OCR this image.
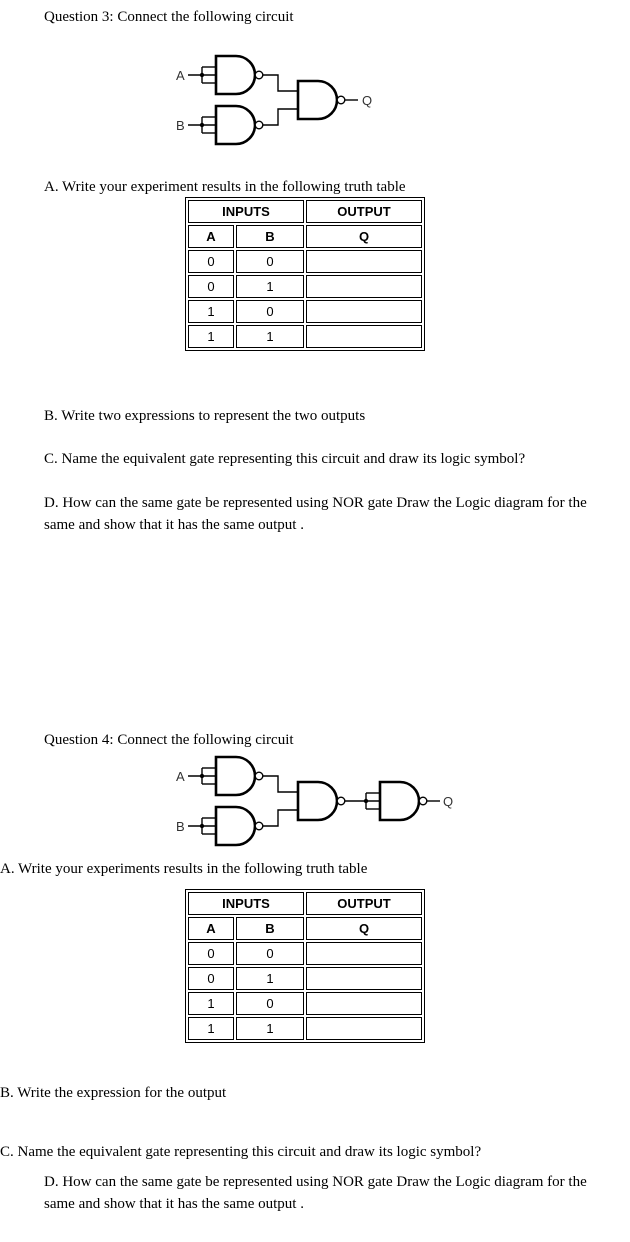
Question 3: Connect the following circuit
A
B
Q
A. Write your experiment results in the following truth table
INPUTS		OUTPUT
A	B	Q
0	0	
0	1	
1	0	
1	1	
B. Write two expressions to represent the two outputs
C. Name the equivalent gate representing this circuit and draw its logic symbol?
D. How can the same gate be represented using NOR gate Draw the Logic diagram for the same and show that it has the same output .
Question 4: Connect the following circuit
A
B
Q
A. Write your experiments results in the following truth table
INPUTS		OUTPUT
A	B	Q
0	0	
0	1	
1	0	
1	1	
B. Write the expression for the output
C. Name the equivalent gate representing this circuit and draw its logic symbol?
D. How can the same gate be represented using NOR gate Draw the Logic diagram for the same and show that it has the same output .
